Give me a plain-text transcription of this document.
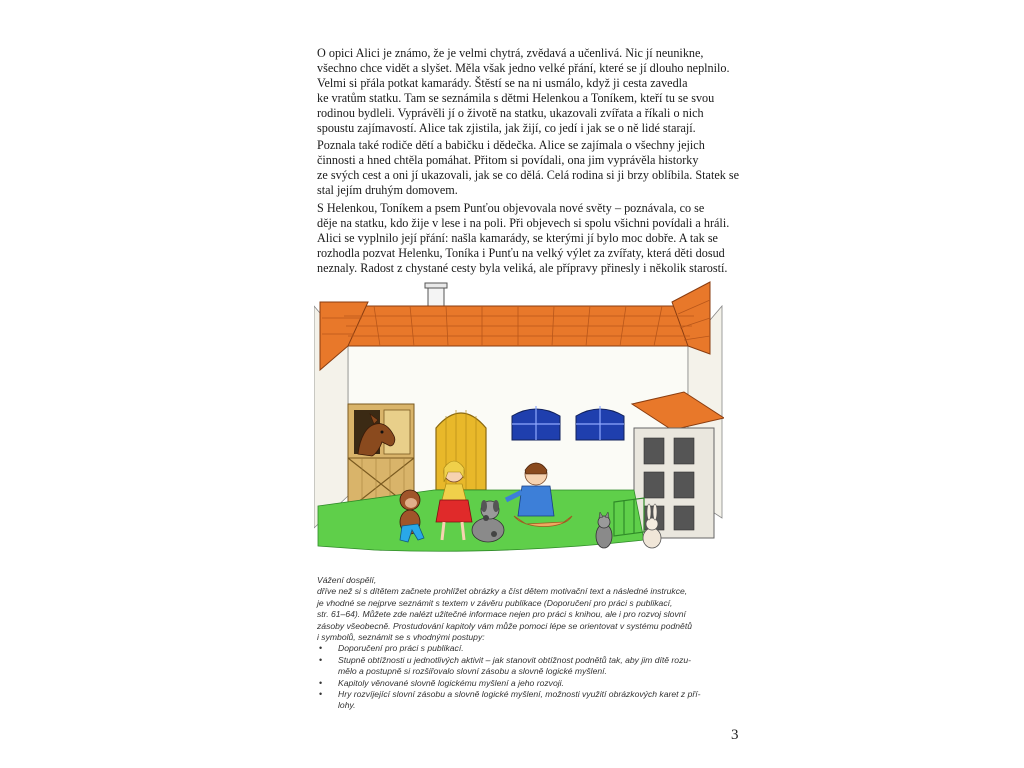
O opici Alici je známo, že je velmi chytrá, zvědavá a učenlivá. Nic jí neunikne,
všechno chce vidět a slyšet. Měla však jedno velké přání, které se jí dlouho neplnilo.
Velmi si přála potkat kamarády. Štěstí se na ni usmálo, když ji cesta zavedla
ke vratům statku. Tam se seznámila s dětmi Helenkou a Toníkem, kteří tu se svou
rodinou bydleli. Vyprávěli jí o životě na statku, ukazovali zvířata a říkali o nich
spoustu zajímavostí. Alice tak zjistila, jak žijí, co jedí i jak se o ně lidé starají.

Poznala také rodiče dětí a babičku i dědečka. Alice se zajímala o všechny jejich
činnosti a hned chtěla pomáhat. Přitom si povídali, ona jim vyprávěla historky
ze svých cest a oni jí ukazovali, jak se co dělá. Celá rodina si ji brzy oblíbila. Statek se
stal jejím druhým domovem.

S Helenkou, Toníkem a psem Punťou objevovala nové světy – poznávala, co se
děje na statku, kdo žije v lese i na poli. Při objevech si spolu všichni povídali a hráli.
Alici se vyplnilo její přání: našla kamarády, se kterými jí bylo moc dobře. A tak se
rozhodla pozvat Helenku, Toníka i Punťu na velký výlet za zvířaty, která děti dosud
neznaly. Radost z chystané cesty byla veliká, ale přípravy přinesly i několik starostí.

Vážení dospělí,
dříve než si s dítětem začnete prohlížet obrázky a číst dětem motivační text a následné instrukce,
je vhodné se nejprve seznámit s textem v závěru publikace (Doporučení pro práci s publikací,
str. 61–64). Můžete zde nalézt užitečné informace nejen pro práci s knihou, ale i pro rozvoj slovní
zásoby všeobecně. Prostudování kapitoly vám může pomoci lépe se orientovat v systému podnětů
i symbolů, seznámit se s vhodnými postupy:
• Doporučení pro práci s publikací.
• Stupně obtížnosti u jednotlivých aktivit – jak stanovit obtížnost podnětů tak, aby jim dítě rozu-
mělo a postupně si rozšiřovalo slovní zásobu a slovně logické myšlení.
• Kapitoly věnované slovně logickému myšlení a jeho rozvoji.
• Hry rozvíjející slovní zásobu a slovně logické myšlení, možnosti využití obrázkových karet z pří-
lohy.
3
